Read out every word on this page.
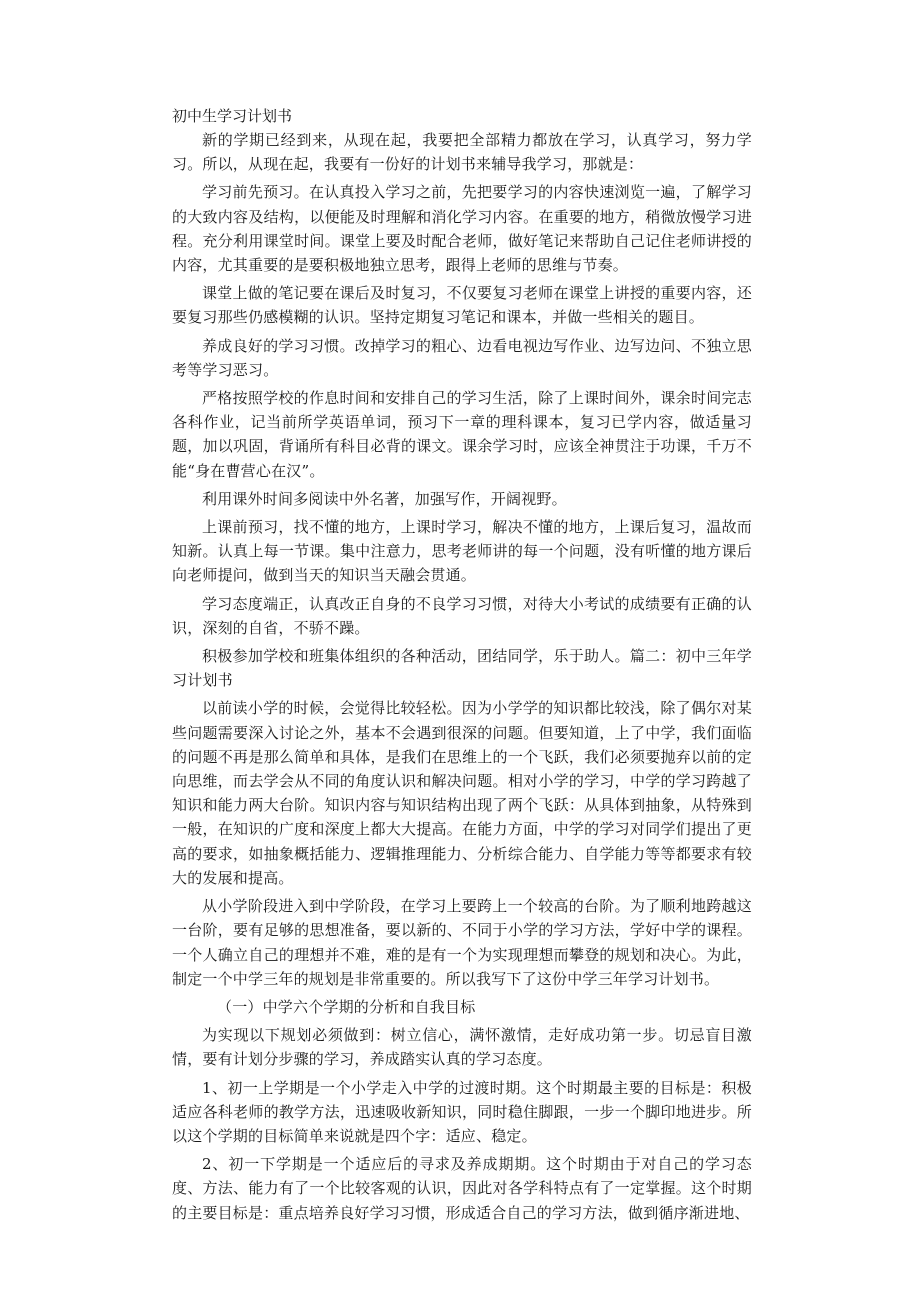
初中生学习计划书

新的学期已经到来，从现在起，我要把全部精力都放在学习，认真学习，努力学习。所以，从现在起，我要有一份好的计划书来辅导我学习，那就是：

学习前先预习。在认真投入学习之前，先把要学习的内容快速浏览一遍，了解学习的大致内容及结构，以便能及时理解和消化学习内容。在重要的地方，稍微放慢学习进程。充分利用课堂时间。课堂上要及时配合老师，做好笔记来帮助自己记住老师讲授的内容，尤其重要的是要积极地独立思考，跟得上老师的思维与节奏。

课堂上做的笔记要在课后及时复习，不仅要复习老师在课堂上讲授的重要内容，还要复习那些仍感模糊的认识。坚持定期复习笔记和课本，并做一些相关的题目。

养成良好的学习习惯。改掉学习的粗心、边看电视边写作业、边写边问、不独立思考等学习恶习。

严格按照学校的作息时间和安排自己的学习生活，除了上课时间外，课余时间完志各科作业，记当前所学英语单词，预习下一章的理科课本，复习已学内容，做适量习题，加以巩固，背诵所有科目必背的课文。课余学习时，应该全神贯注于功课，千万不能“身在曹营心在汉”。

利用课外时间多阅读中外名著，加强写作，开阔视野。

上课前预习，找不懂的地方，上课时学习，解决不懂的地方，上课后复习，温故而知新。认真上每一节课。集中注意力，思考老师讲的每一个问题，没有听懂的地方课后向老师提问，做到当天的知识当天融会贯通。

学习态度端正，认真改正自身的不良学习习惯，对待大小考试的成绩要有正确的认识，深刻的自省，不骄不躁。

积极参加学校和班集体组织的各种活动，团结同学，乐于助人。篇二：初中三年学习计划书

以前读小学的时候，会觉得比较轻松。因为小学学的知识都比较浅，除了偶尔对某些问题需要深入讨论之外，基本不会遇到很深的问题。但要知道，上了中学，我们面临的问题不再是那么简单和具体，是我们在思维上的一个飞跃，我们必须要抛弃以前的定向思维，而去学会从不同的角度认识和解决问题。相对小学的学习，中学的学习跨越了知识和能力两大台阶。知识内容与知识结构出现了两个飞跃：从具体到抽象，从特殊到一般，在知识的广度和深度上都大大提高。在能力方面，中学的学习对同学们提出了更高的要求，如抽象概括能力、逻辑推理能力、分析综合能力、自学能力等等都要求有较大的发展和提高。

从小学阶段进入到中学阶段，在学习上要跨上一个较高的台阶。为了顺利地跨越这一台阶，要有足够的思想准备，要以新的、不同于小学的学习方法，学好中学的课程。一个人确立自己的理想并不难，难的是有一个为实现理想而攀登的规划和决心。为此，制定一个中学三年的规划是非常重要的。所以我写下了这份中学三年学习计划书。

（一）中学六个学期的分析和自我目标

为实现以下规划必须做到：树立信心，满怀激情，走好成功第一步。切忌盲目激情，要有计划分步骤的学习，养成踏实认真的学习态度。

1、初一上学期是一个小学走入中学的过渡时期。这个时期最主要的目标是：积极适应各科老师的教学方法，迅速吸收新知识，同时稳住脚跟，一步一个脚印地进步。所以这个学期的目标简单来说就是四个字：适应、稳定。

2、初一下学期是一个适应后的寻求及养成期期。这个时期由于对自己的学习态度、方法、能力有了一个比较客观的认识，因此对各学科特点有了一定掌握。这个时期的主要目标是：重点培养良好学习习惯，形成适合自己的学习方法，做到循序渐进地、
